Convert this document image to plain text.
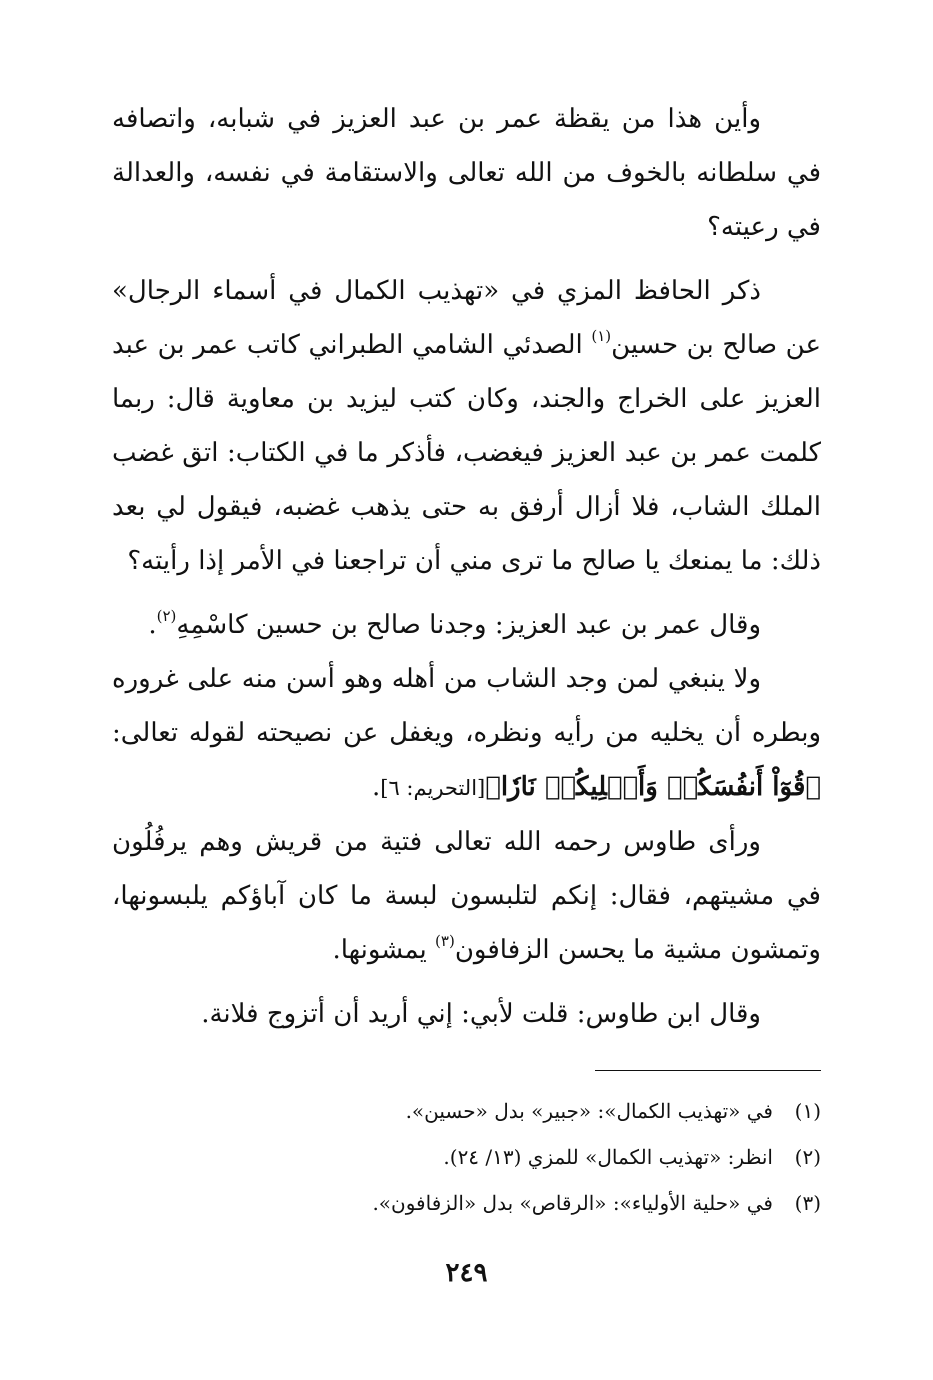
وأين هذا من يقظة عمر بن عبد العزيز في شبابه، واتصافه في سلطانه بالخوف من الله تعالى والاستقامة في نفسه، والعدالة في رعيته؟

ذكر الحافظ المزي في «تهذيب الكمال في أسماء الرجال» عن صالح بن حسين$^{(١)}$ الصدئي الشامي الطبراني كاتب عمر بن عبد العزيز على الخراج والجند، وكان كتب ليزيد بن معاوية قال: ربما كلمت عمر بن عبد العزيز فيغضب، فأذكر ما في الكتاب: اتق غضب الملك الشاب، فلا أزال أرفق به حتى يذهب غضبه، فيقول لي بعد ذلك: ما يمنعك يا صالح ما ترى مني أن تراجعنا في الأمر إذا رأيته؟

وقال عمر بن عبد العزيز: وجدنا صالح بن حسين كاسْمِهِ$^{(٢)}$.

ولا ينبغي لمن وجد الشاب من أهله وهو أسن منه على غروره وبطره أن يخليه من رأيه ونظره، ويغفل عن نصيحته لقوله تعالى: ﴿قُوٓاْ أَنفُسَكُمۡ وَأَهۡلِيكُمۡ نَارٗا﴾[التحريم: ٦].

ورأى طاوس رحمه الله تعالى فتية من قريش وهم يرفُلُون في مشيتهم، فقال: إنكم لتلبسون لبسة ما كان آباؤكم يلبسونها، وتمشون مشية ما يحسن الزفافون$^{(٣)}$ يمشونها.

وقال ابن طاوس: قلت لأبي: إني أريد أن أتزوج فلانة.

(١)
في «تهذيب الكمال»: «جبير» بدل «حسين».
(٢)
انظر: «تهذيب الكمال» للمزي (١٣/ ٢٤).
(٣)
في «حلية الأولياء»: «الرقاص» بدل «الزفافون».
٢٤٩
